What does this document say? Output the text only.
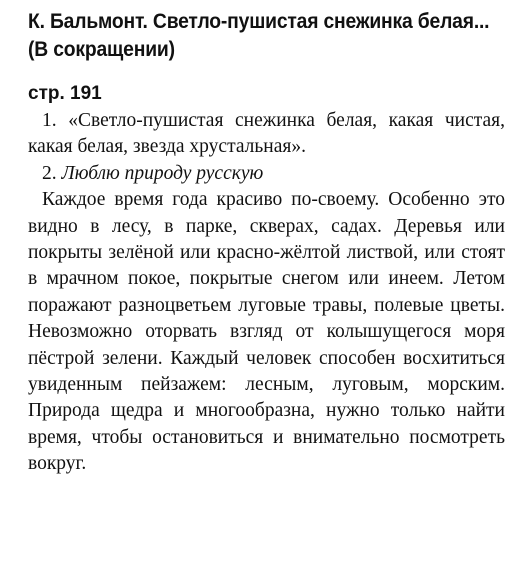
К. Бальмонт. Светло-пушистая снежинка белая... (В сокращении)
стр. 191

1. «Светло-пушистая снежинка белая, какая чистая, какая белая, звезда хрустальная».

2. Люблю природу русскую

Каждое время года красиво по-своему. Особенно это видно в лесу, в парке, скверах, садах. Деревья или покрыты зелёной или красно-жёлтой листвой, или стоят в мрачном покое, покрытые снегом или инеем. Летом поражают разноцветьем луговые травы, полевые цветы. Невозможно оторвать взгляд от колышущегося моря пёстрой зелени. Каждый человек способен восхититься увиденным пейзажем: лесным, луговым, морским. Природа щедра и многообразна, нужно только найти время, чтобы остановиться и внимательно посмотреть вокруг.
